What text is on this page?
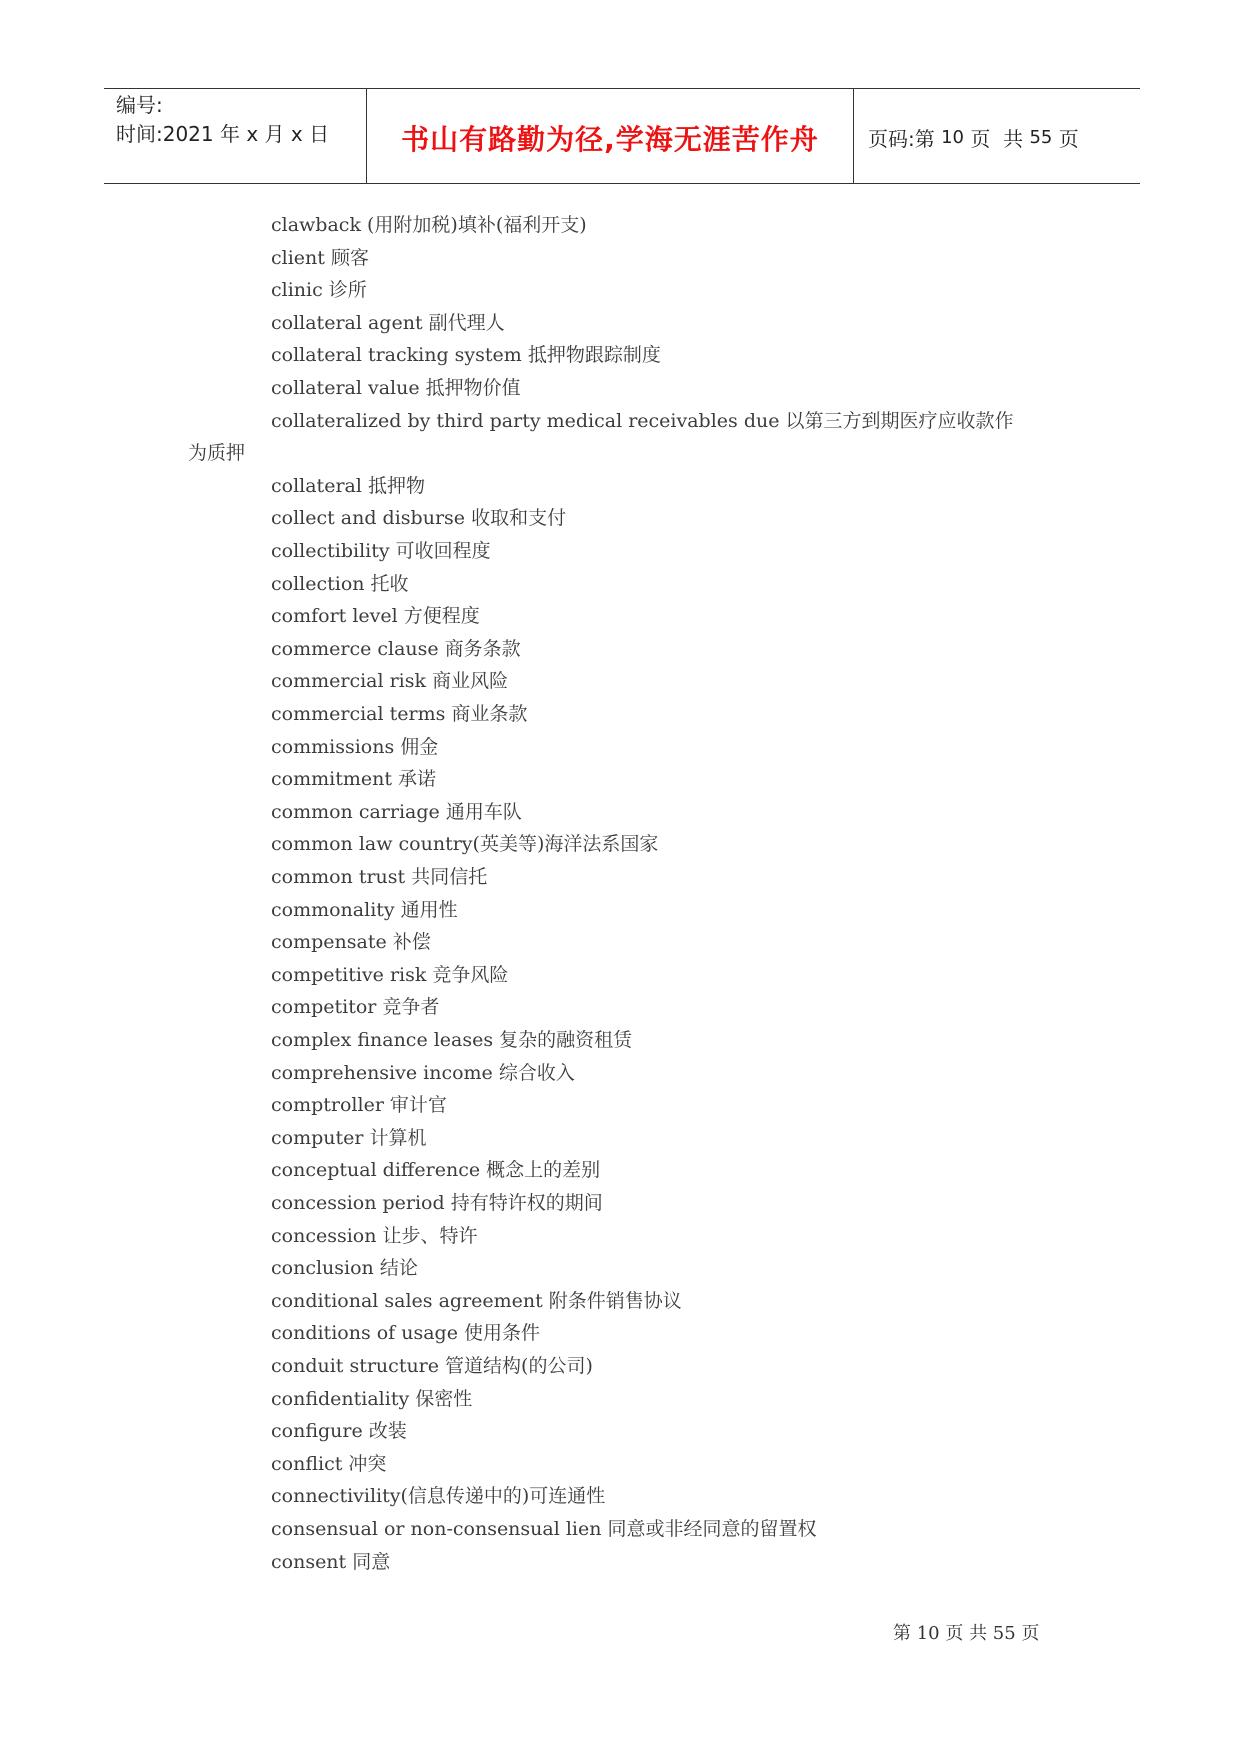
编号:
时间:2021 年 x 月 x 日	书山有路勤为径,学海无涯苦作舟 页码:第 10 页  共 55 页
clawback (用附加税)填补(福利开支)
client 顾客
clinic 诊所
collateral agent 副代理人
collateral tracking system 抵押物跟踪制度
collateral value 抵押物价值
collateralized by third party medical receivables due 以第三方到期医疗应收款作
为质押
collateral 抵押物
collect and disburse 收取和支付
collectibility 可收回程度
collection 托收
comfort level 方便程度
commerce clause 商务条款
commercial risk 商业风险
commercial terms 商业条款
commissions 佣金
commitment 承诺
common carriage 通用车队
common law country(英美等)海洋法系国家
common trust 共同信托
commonality 通用性
compensate 补偿
competitive risk 竞争风险
competitor 竞争者
complex finance leases 复杂的融资租赁
comprehensive income 综合收入
comptroller 审计官
computer 计算机
conceptual difference 概念上的差别
concession period 持有特许权的期间
concession 让步、特许
conclusion 结论
conditional sales agreement 附条件销售协议
conditions of usage 使用条件
conduit structure 管道结构(的公司)
confidentiality 保密性
configure 改装
conflict 冲突
connectivility(信息传递中的)可连通性
consensual or non-consensual lien 同意或非经同意的留置权
consent 同意
第 10 页 共 55 页
